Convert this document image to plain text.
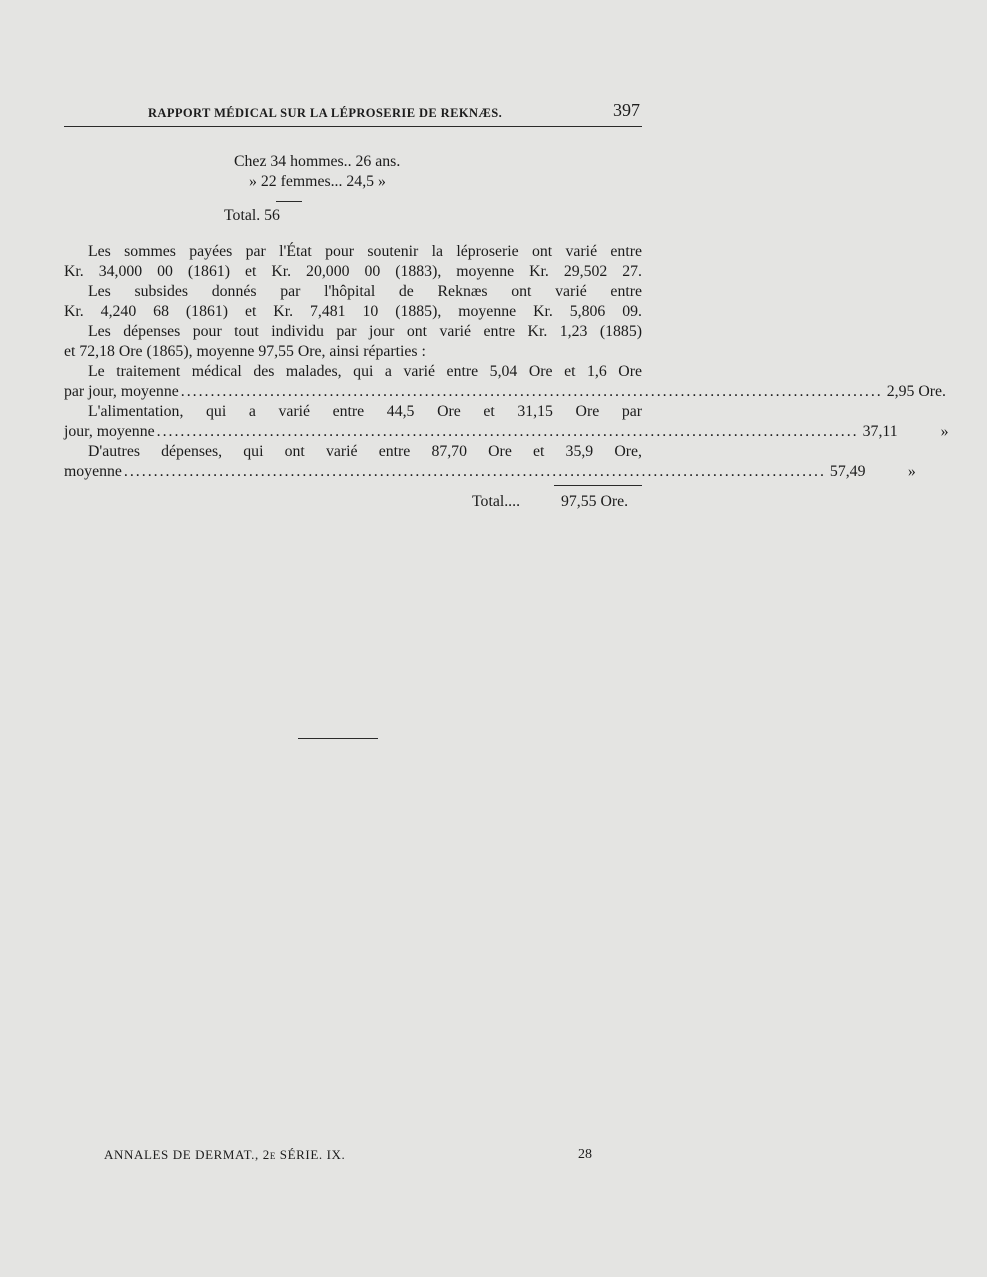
RAPPORT MÉDICAL SUR LA LÉPROSERIE DE REKNÆS.	397
Chez 34 hommes.. 26 ans.
» 22 femmes... 24,5 »
Total. 56
Les sommes payées par l'État pour soutenir la léproserie ont varié entre
Kr. 34,000 00 (1861) et Kr. 20,000 00 (1883), moyenne Kr. 29,502 27.
Les subsides donnés par l'hôpital de Reknæs ont varié entre
Kr. 4,240 68 (1861) et Kr. 7,481 10 (1885), moyenne Kr. 5,806 09.
Les dépenses pour tout individu par jour ont varié entre Kr. 1,23 (1885)
et 72,18 Ore (1865), moyenne 97,55 Ore, ainsi réparties :
Le traitement médical des malades, qui a varié entre 5,04 Ore et 1,6 Ore
par jour, moyenne ...................................................................................................................... 2,95 Ore.
L'alimentation, qui a varié entre 44,5 Ore et 31,15 Ore par
jour, moyenne ...................................................................................................................... 37,11	»
D'autres dépenses, qui ont varié entre 87,70 Ore et 35,9 Ore,
moyenne ...................................................................................................................... 57,49	»
Total....	97,55 Ore.
ANNALES DE DERMAT., 2e SÉRIE. IX.	28
